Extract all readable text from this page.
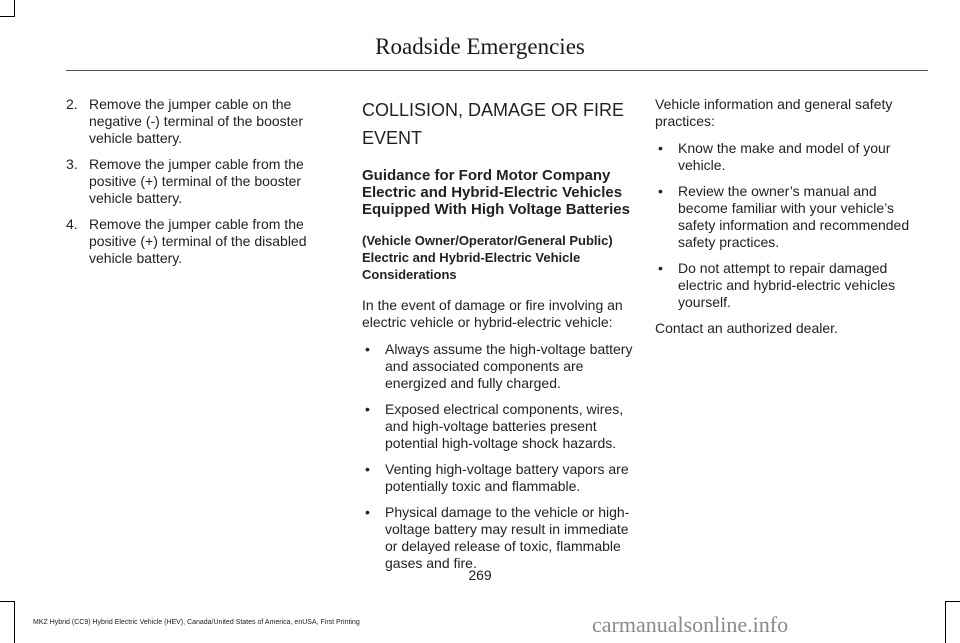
Roadside Emergencies
2. Remove the jumper cable on the negative (-) terminal of the booster vehicle battery.
3. Remove the jumper cable from the positive (+) terminal of the booster vehicle battery.
4. Remove the jumper cable from the positive (+) terminal of the disabled vehicle battery.
COLLISION, DAMAGE OR FIRE
EVENT
Guidance for Ford Motor Company Electric and Hybrid-Electric Vehicles Equipped With High Voltage Batteries
(Vehicle Owner/Operator/General Public) Electric and Hybrid-Electric Vehicle Considerations

In the event of damage or fire involving an electric vehicle or hybrid-electric vehicle:

• Always assume the high-voltage battery and associated components are energized and fully charged.
• Exposed electrical components, wires, and high-voltage batteries present potential high-voltage shock hazards.
• Venting high-voltage battery vapors are potentially toxic and flammable.
• Physical damage to the vehicle or high-voltage battery may result in immediate or delayed release of toxic, flammable gases and fire.

Vehicle information and general safety practices:

• Know the make and model of your vehicle.
• Review the owner’s manual and become familiar with your vehicle’s safety information and recommended safety practices.
• Do not attempt to repair damaged electric and hybrid-electric vehicles yourself.

Contact an authorized dealer.

269
MKZ Hybrid (CC9) Hybrid Electric Vehicle (HEV), Canada/United States of America, enUSA, First Printing	carmanualsonline.info
